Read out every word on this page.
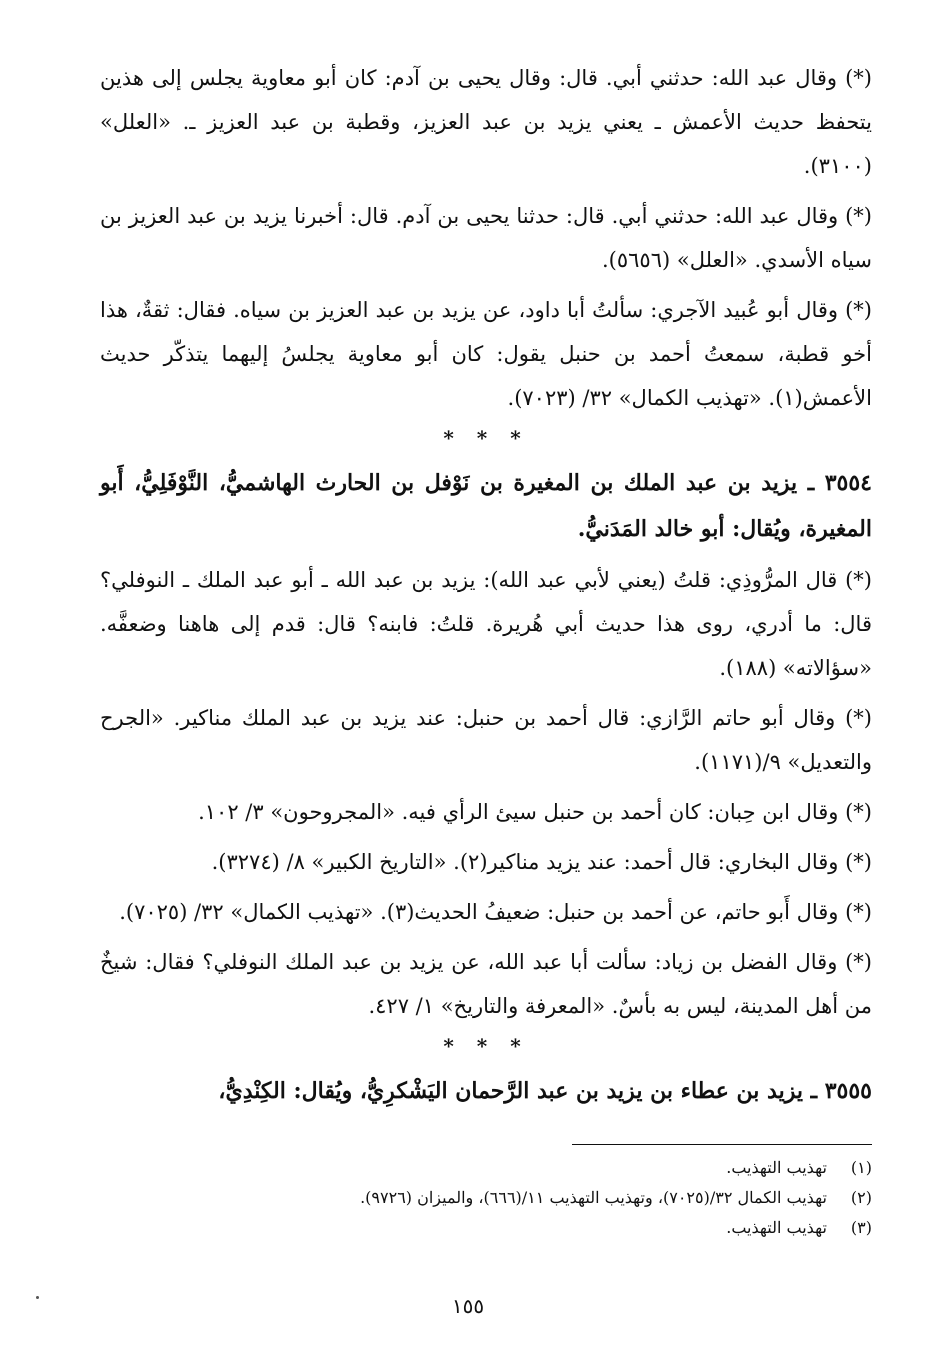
(*) وقال عبد الله: حدثني أبي. قال: وقال يحيى بن آدم: كان أبو معاوية يجلس إلى هذين يتحفظ حديث الأعمش ـ يعني يزيد بن عبد العزيز، وقطبة بن عبد العزيز ـ. «العلل» (٣١٠٠).

(*) وقال عبد الله: حدثني أبي. قال: حدثنا يحيى بن آدم. قال: أخبرنا يزيد بن عبد العزيز بن سياه الأسدي. «العلل» (٥٦٥٦).

(*) وقال أبو عُبيد الآجري: سألتُ أبا داود، عن يزيد بن عبد العزيز بن سياه. فقال: ثقةٌ، هذا أخو قطبة، سمعتُ أحمد بن حنبل يقول: كان أبو معاوية يجلسُ إليهما يتذكّر حديث الأعمش(١). «تهذيب الكمال» ٣٢/ (٧٠٢٣).

* * *
٣٥٥٤ ـ يزيد بن عبد الملك بن المغيرة بن نَوْفل بن الحارث الهاشميُّ، النَّوْفَلِيُّ، أَبو المغيرة، ويُقال: أبو خالد المَدَنيُّ.

(*) قال المرُّوذِي: قلتُ (يعني لأبي عبد الله): يزيد بن عبد الله ـ أبو عبد الملك ـ النوفلي؟ قال: ما أدري، روى هذا حديث أبي هُريرة. قلتُ: فابنه؟ قال: قدم إلى هاهنا وضعفَّه. «سؤالاته» (١٨٨).

(*) وقال أبو حاتم الرَّازي: قال أحمد بن حنبل: عند يزيد بن عبد الملك مناكير. «الجرح والتعديل» ٩/(١١٧١).

(*) وقال ابن حِبان: كان أحمد بن حنبل سيئ الرأي فيه. «المجروحون» ٣/ ١٠٢.

(*) وقال البخاري: قال أحمد: عند يزيد مناكير(٢). «التاريخ الكبير» ٨/ (٣٢٧٤).

(*) وقال أَبو حاتم، عن أحمد بن حنبل: ضعيفُ الحديث(٣). «تهذيب الكمال» ٣٢/ (٧٠٢٥).

(*) وقال الفضل بن زياد: سألت أبا عبد الله، عن يزيد بن عبد الملك النوفلي؟ فقال: شيخٌ من أهل المدينة، ليس به بأسٌ. «المعرفة والتاريخ» ١/ ٤٢٧.

* * *
٣٥٥٥ ـ يزيد بن عطاء بن يزيد بن عبد الرَّحمان اليَشْكرِيُّ، ويُقال: الكِنْدِيُّ،
(١) تهذيب التهذيب.
(٢) تهذيب الكمال ٣٢/(٧٠٢٥)، وتهذيب التهذيب ١١/(٦٦٦)، والميزان (٩٧٢٦).
(٣) تهذيب التهذيب.
١٥٥
